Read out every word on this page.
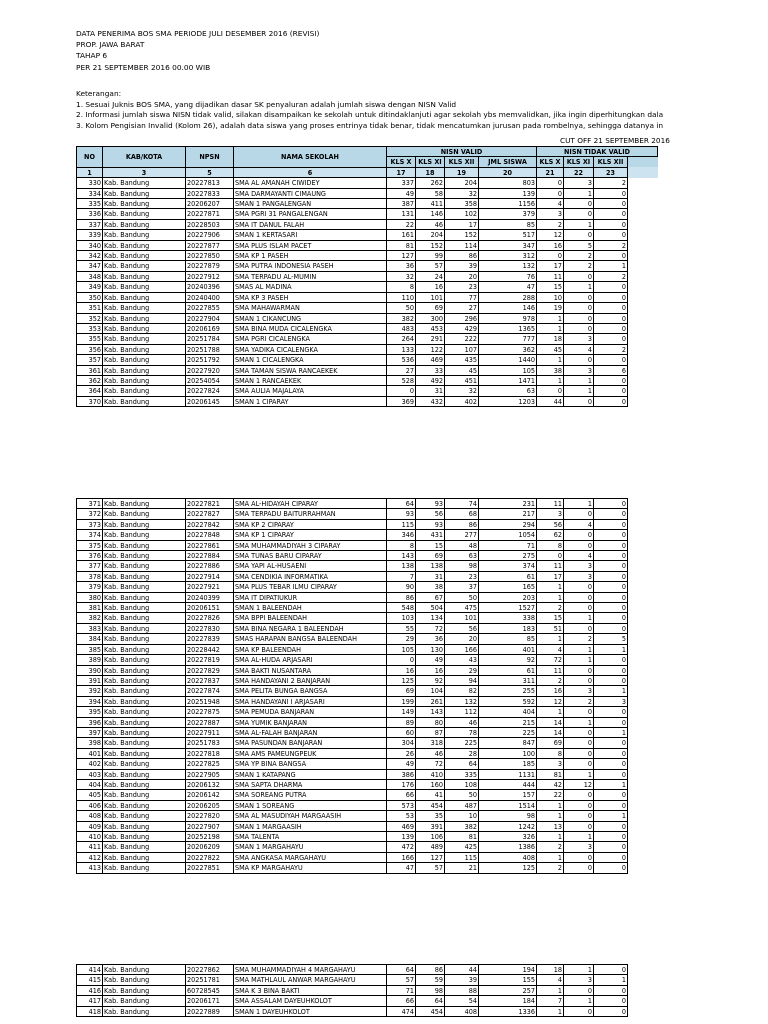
DATA PENERIMA BOS SMA PERIODE JULI DESEMBER 2016 (REVISI)
PROP. JAWA BARAT
TAHAP 6
PER 21 SEPTEMBER 2016 00.00 WIB
Keterangan:
1. Sesuai Juknis BOS SMA, yang dijadikan dasar SK penyaluran adalah jumlah siswa dengan NISN Valid
2. Informasi jumlah siswa NISN tidak valid, silakan disampaikan ke sekolah untuk ditindaklanjuti agar sekolah ybs memvalidkan, jika ingin diperhitungkan dala
3. Kolom Pengisian Invalid (Kolom 26), adalah data siswa yang proses entrinya tidak benar, tidak mencatumkan jurusan pada rombelnya, sehingga datanya in
CUT OFF 21 SEPTEMBER 2016
NO	KAB/KOTA	NPSN	NAMA SEKOLAH	NISN VALID				NISN TIDAK VALID			
				KLS X	KLS XI	KLS XII	JML SISWA	KLS X	KLS XI	KLS XII	
1	3	5	6	17	18	19	20	21	22	23	
330	Kab. Bandung	20227813	SMA AL AMANAH CIWIDEY	337	262	204	803	0	3	2	
334	Kab. Bandung	20227833	SMA DARMAYANTI CIMAUNG	49	58	32	139	0	1	0	
335	Kab. Bandung	20206207	SMAN 1 PANGALENGAN	387	411	358	1156	4	0	0	
336	Kab. Bandung	20227871	SMA PGRI 31 PANGALENGAN	131	146	102	379	3	0	0	
337	Kab. Bandung	20228503	SMA IT DANUL FALAH	22	46	17	85	2	1	0	
339	Kab. Bandung	20227906	SMAN 1 KERTASARI	161	204	152	517	12	0	0	
340	Kab. Bandung	20227877	SMA PLUS ISLAM PACET	81	152	114	347	16	5	2	
342	Kab. Bandung	20227850	SMA KP 1 PASEH	127	99	86	312	0	2	0	
347	Kab. Bandung	20227879	SMA PUTRA INDONESIA PASEH	36	57	39	132	17	2	1	
348	Kab. Bandung	20227912	SMA TERPADU AL-MUMIN	32	24	20	76	11	0	2	
349	Kab. Bandung	20240396	SMAS AL MADINA	8	16	23	47	15	1	0	
350	Kab. Bandung	20240400	SMA KP 3 PASEH	110	101	77	288	10	0	0	
351	Kab. Bandung	20227855	SMA MAHAWARMAN	50	69	27	146	19	0	0	
352	Kab. Bandung	20227904	SMAN 1 CIKANCUNG	382	300	296	978	1	0	0	
353	Kab. Bandung	20206169	SMA BINA MUDA CICALENGKA	483	453	429	1365	1	0	0	
355	Kab. Bandung	20251784	SMA PGRI CICALENGKA	264	291	222	777	18	3	0	
356	Kab. Bandung	20251788	SMA YADIKA CICALENGKA	133	122	107	362	45	4	2	
357	Kab. Bandung	20251792	SMAN 1 CICALENGKA	536	469	435	1440	1	0	0	
361	Kab. Bandung	20227920	SMA TAMAN SISWA RANCAEKEK	27	33	45	105	38	3	6	
362	Kab. Bandung	20254054	SMAN 1 RANCAEKEK	528	492	451	1471	1	1	0	
364	Kab. Bandung	20227824	SMA AULIA MAJALAYA	0	31	32	63	0	1	0	
370	Kab. Bandung	20206145	SMAN 1 CIPARAY	369	432	402	1203	44	0	0	
371	Kab. Bandung	20227821	SMA AL-HIDAYAH CIPARAY	64	93	74	231	11	1	0
372	Kab. Bandung	20227827	SMA TERPADU BAITURRAHMAN	93	56	68	217	3	0	0
373	Kab. Bandung	20227842	SMA KP 2 CIPARAY	115	93	86	294	56	4	0
374	Kab. Bandung	20227848	SMA KP 1 CIPARAY	346	431	277	1054	62	0	0
375	Kab. Bandung	20227861	SMA MUHAMMADIYAH 3 CIPARAY	8	15	48	71	8	0	0
376	Kab. Bandung	20227884	SMA TUNAS BARU CIPARAY	143	69	63	275	0	4	0
377	Kab. Bandung	20227886	SMA YAPI AL-HUSAENI	138	138	98	374	11	3	0
378	Kab. Bandung	20227914	SMA CENDIKIA INFORMATIKA	7	31	23	61	17	3	0
379	Kab. Bandung	20227921	SMA PLUS TEBAR ILMU CIPARAY	90	38	37	165	1	0	0
380	Kab. Bandung	20240399	SMA IT DIPATIUKUR	86	67	50	203	1	0	0
381	Kab. Bandung	20206151	SMAN 1 BALEENDAH	548	504	475	1527	2	0	0
382	Kab. Bandung	20227826	SMA BPPI BALEENDAH	103	134	101	338	15	1	0
383	Kab. Bandung	20227830	SMA BINA NEGARA 1 BALEENDAH	55	72	56	183	51	0	0
384	Kab. Bandung	20227839	SMAS HARAPAN BANGSA BALEENDAH	29	36	20	85	1	2	5
385	Kab. Bandung	20228442	SMA KP BALEENDAH	105	130	166	401	4	1	1
389	Kab. Bandung	20227819	SMA AL-HUDA ARJASARI	0	49	43	92	72	1	0
390	Kab. Bandung	20227829	SMA BAKTI NUSANTARA	16	16	29	61	11	0	0
391	Kab. Bandung	20227837	SMA HANDAYANI 2 BANJARAN	125	92	94	311	2	0	0
392	Kab. Bandung	20227874	SMA PELITA BUNGA BANGSA	69	104	82	255	16	3	1
394	Kab. Bandung	20251948	SMA HANDAYANI I ARJASARI	199	261	132	592	12	2	3
395	Kab. Bandung	20227875	SMA PEMUDA BANJARAN	149	143	112	404	1	0	0
396	Kab. Bandung	20227887	SMA YUMIK BANJARAN	89	80	46	215	14	1	0
397	Kab. Bandung	20227911	SMA AL-FALAH BANJARAN	60	87	78	225	14	0	1
398	Kab. Bandung	20251783	SMA PASUNDAN BANJARAN	304	318	225	847	69	0	0
401	Kab. Bandung	20227818	SMA AMS PAMEUNGPEUK	26	46	28	100	8	0	0
402	Kab. Bandung	20227825	SMA YP BINA BANGSA	49	72	64	185	3	0	0
403	Kab. Bandung	20227905	SMAN 1 KATAPANG	386	410	335	1131	81	1	0
404	Kab. Bandung	20206132	SMA SAPTA DHARMA	176	160	108	444	42	12	1
405	Kab. Bandung	20206142	SMA SOREANG PUTRA	66	41	50	157	22	0	0
406	Kab. Bandung	20206205	SMAN 1 SOREANG	573	454	487	1514	1	0	0
408	Kab. Bandung	20227820	SMA AL MASUDIYAH MARGAASIH	53	35	10	98	1	0	1
409	Kab. Bandung	20227907	SMAN 1 MARGAASIH	469	391	382	1242	13	0	0
410	Kab. Bandung	20252198	SMA TALENTA	139	106	81	326	1	1	0
411	Kab. Bandung	20206209	SMAN 1 MARGAHAYU	472	489	425	1386	2	3	0
412	Kab. Bandung	20227822	SMA ANGKASA MARGAHAYU	166	127	115	408	1	0	0
413	Kab. Bandung	20227851	SMA KP MARGAHAYU	47	57	21	125	2	0	0
414	Kab. Bandung	20227862	SMA MUHAMMADIYAH 4 MARGAHAYU	64	86	44	194	18	1	0
415	Kab. Bandung	20251781	SMA MATHLAUL ANWAR MARGAHAYU	57	59	39	155	4	3	1
416	Kab. Bandung	60728545	SMA K 3 BINA BAKTI	71	98	88	257	1	0	0
417	Kab. Bandung	20206171	SMA ASSALAM DAYEUHKOLOT	66	64	54	184	7	1	0
418	Kab. Bandung	20227889	SMAN 1 DAYEUHKOLOT	474	454	408	1336	1	0	0
